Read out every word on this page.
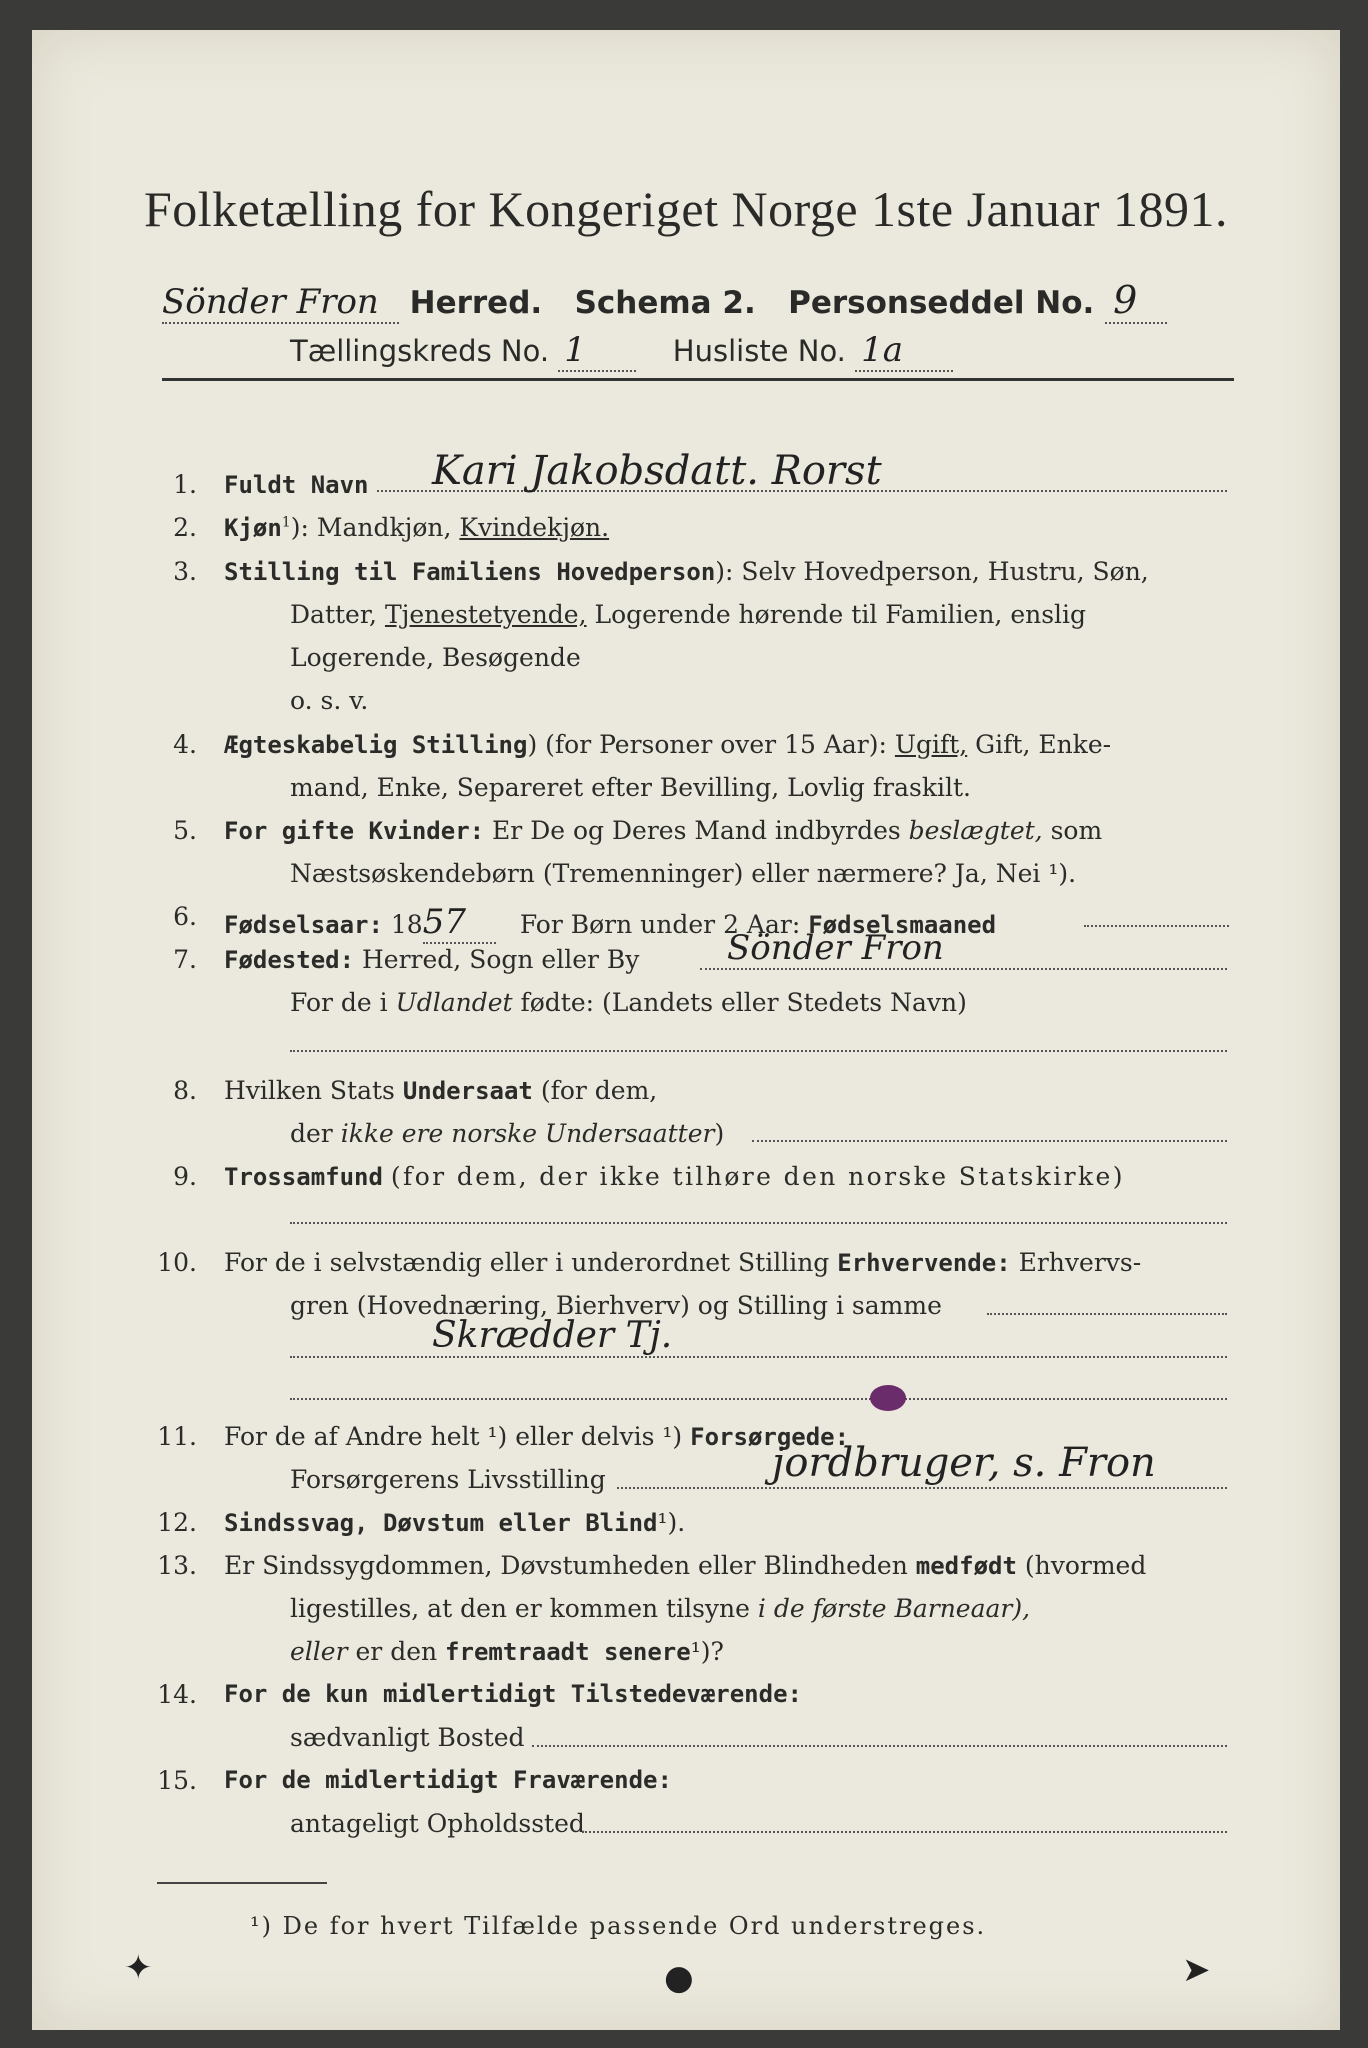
Folketælling for Kongeriget Norge 1ste Januar 1891.
Sönder Fron Herred. Schema 2. Personseddel No. 9
Tællingskreds No. 1	Husliste No. 1a
1. Fuldt Navn Kari Jakobsdatt. Rorst
2. Kjøn$^1$): Mandkjøn, Kvindekjøn.
3. Stilling til Familiens Hovedperson): Selv Hovedperson, Hustru, Søn,
Datter, Tjenestetyende, Logerende hørende til Familien, enslig
Logerende, Besøgende
o. s. v.
4. Ægteskabelig Stilling) (for Personer over 15 Aar): Ugift, Gift, Enke-
mand, Enke, Separeret efter Bevilling, Lovlig fraskilt.
5. For gifte Kvinder: Er De og Deres Mand indbyrdes beslægtet, som
Næstsøskendebørn (Tremenninger) eller nærmere? Ja, Nei ¹).
6. Fødselsaar: 1857 For Børn under 2 Aar: Fødselsmaaned
7. Fødested: Herred, Sogn eller By	Sönder Fron
For de i Udlandet fødte: (Landets eller Stedets Navn)
8. Hvilken Stats Undersaat (for dem,
der ikke ere norske Undersaatter)
9. Trossamfund (for dem, der ikke tilhøre den norske Statskirke)
10. For de i selvstændig eller i underordnet Stilling Erhvervende: Erhvervs-
gren (Hovednæring, Bierhverv) og Stilling i samme
Skrædder Tj.
11. For de af Andre helt ¹) eller delvis ¹) Forsørgede:
Forsørgerens Livsstilling	jordbruger, s. Fron
12. Sindssvag, Døvstum eller Blind¹).
13. Er Sindssygdommen, Døvstumheden eller Blindheden medfødt (hvormed
ligestilles, at den er kommen tilsyne i de første Barneaar),
eller er den fremtraadt senere¹)?
14. For de kun midlertidigt Tilstedeværende:
sædvanligt Bosted
15. For de midlertidigt Fraværende:
antageligt Opholdssted
¹) De for hvert Tilfælde passende Ord understreges.
✦	●	➤
